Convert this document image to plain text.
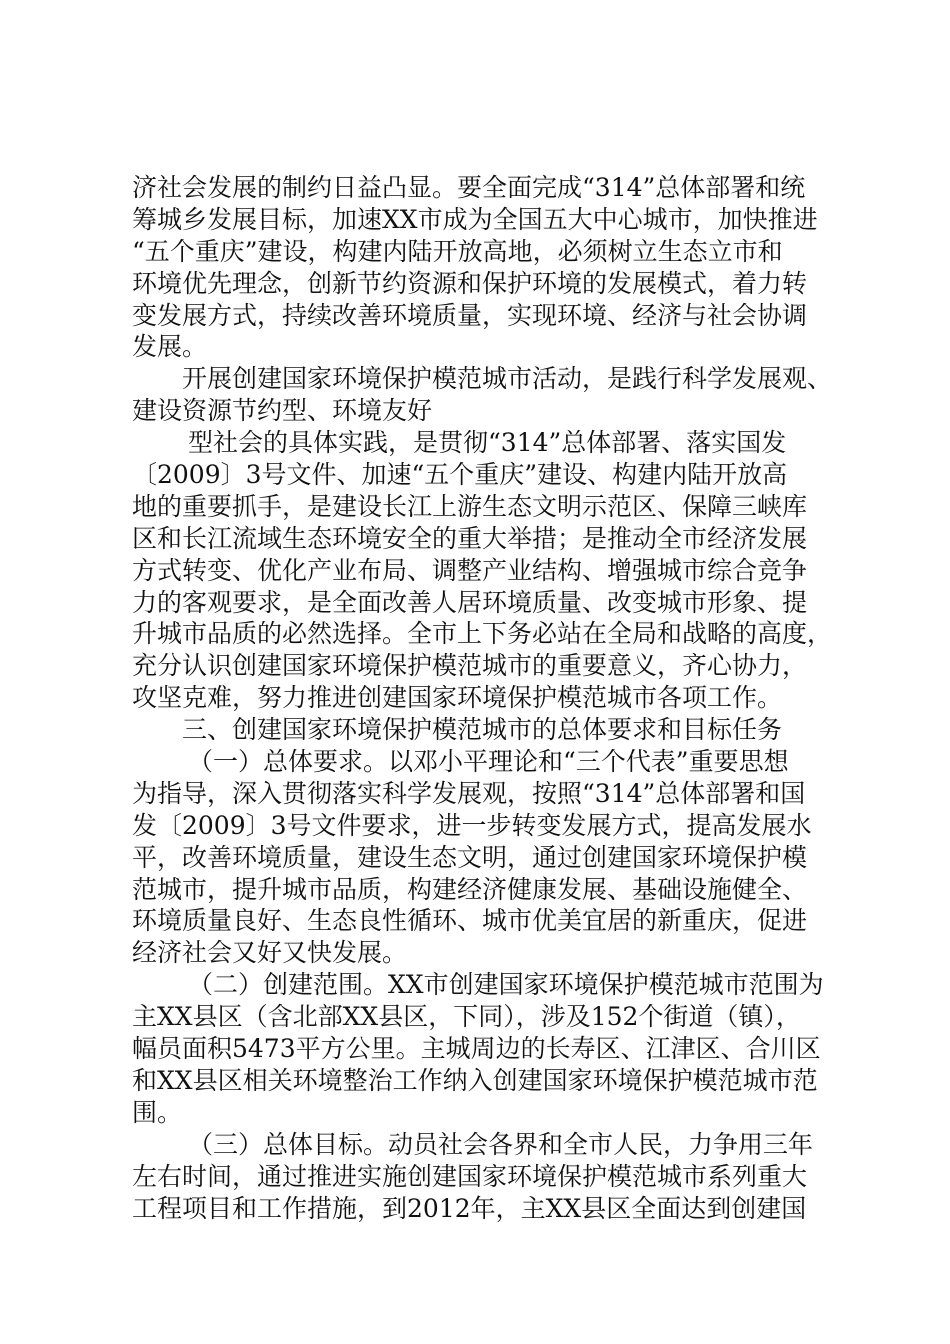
济社会发展的制约日益凸显。要全面完成“314”总体部署和统
筹城乡发展目标，加速XX市成为全国五大中心城市，加快推进
“五个重庆”建设，构建内陆开放高地，必须树立生态立市和
环境优先理念，创新节约资源和保护环境的发展模式，着力转
变发展方式，持续改善环境质量，实现环境、经济与社会协调
发展。
开展创建国家环境保护模范城市活动，是践行科学发展观、
建设资源节约型、环境友好
型社会的具体实践，是贯彻“314”总体部署、落实国发
〔2009〕3号文件、加速“五个重庆”建设、构建内陆开放高
地的重要抓手，是建设长江上游生态文明示范区、保障三峡库
区和长江流域生态环境安全的重大举措；是推动全市经济发展
方式转变、优化产业布局、调整产业结构、增强城市综合竞争
力的客观要求，是全面改善人居环境质量、改变城市形象、提
升城市品质的必然选择。全市上下务必站在全局和战略的高度，
充分认识创建国家环境保护模范城市的重要意义，齐心协力，
攻坚克难，努力推进创建国家环境保护模范城市各项工作。
三、创建国家环境保护模范城市的总体要求和目标任务
（一）总体要求。以邓小平理论和“三个代表”重要思想
为指导，深入贯彻落实科学发展观，按照“314”总体部署和国
发〔2009〕3号文件要求，进一步转变发展方式，提高发展水
平，改善环境质量，建设生态文明，通过创建国家环境保护模
范城市，提升城市品质，构建经济健康发展、基础设施健全、
环境质量良好、生态良性循环、城市优美宜居的新重庆，促进
经济社会又好又快发展。
（二）创建范围。XX市创建国家环境保护模范城市范围为
主XX县区（含北部XX县区，下同），涉及152个街道（镇），
幅员面积5473平方公里。主城周边的长寿区、江津区、合川区
和XX县区相关环境整治工作纳入创建国家环境保护模范城市范
围。
（三）总体目标。动员社会各界和全市人民，力争用三年
左右时间，通过推进实施创建国家环境保护模范城市系列重大
工程项目和工作措施，到2012年，主XX县区全面达到创建国
